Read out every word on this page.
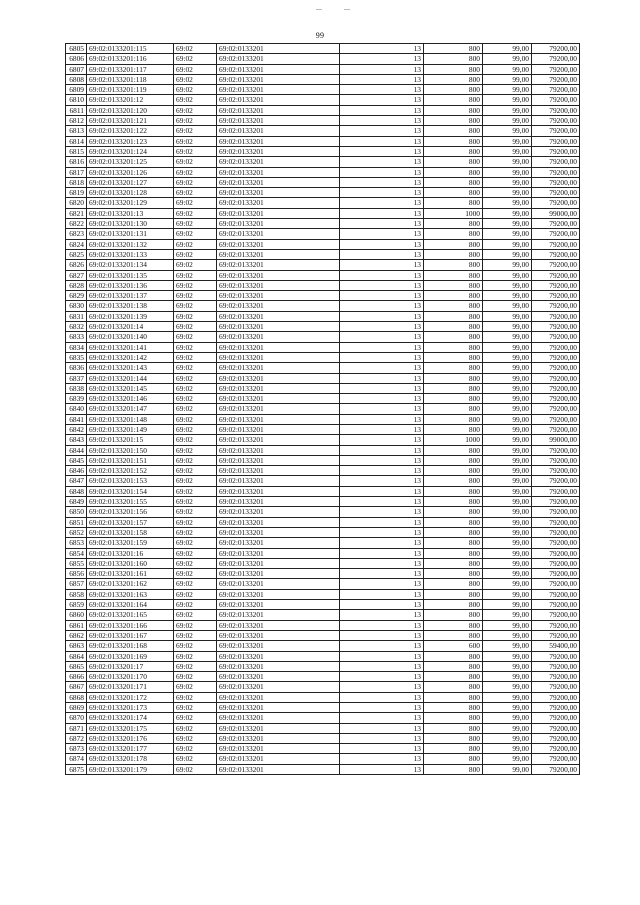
99
6805	69:02:0133201:115	69:02	69:02:0133201	13	800	99,00	79200,00
6806	69:02:0133201:116	69:02	69:02:0133201	13	800	99,00	79200,00
6807	69:02:0133201:117	69:02	69:02:0133201	13	800	99,00	79200,00
6808	69:02:0133201:118	69:02	69:02:0133201	13	800	99,00	79200,00
6809	69:02:0133201:119	69:02	69:02:0133201	13	800	99,00	79200,00
6810	69:02:0133201:12	69:02	69:02:0133201	13	800	99,00	79200,00
6811	69:02:0133201:120	69:02	69:02:0133201	13	800	99,00	79200,00
6812	69:02:0133201:121	69:02	69:02:0133201	13	800	99,00	79200,00
6813	69:02:0133201:122	69:02	69:02:0133201	13	800	99,00	79200,00
6814	69:02:0133201:123	69:02	69:02:0133201	13	800	99,00	79200,00
6815	69:02:0133201:124	69:02	69:02:0133201	13	800	99,00	79200,00
6816	69:02:0133201:125	69:02	69:02:0133201	13	800	99,00	79200,00
6817	69:02:0133201:126	69:02	69:02:0133201	13	800	99,00	79200,00
6818	69:02:0133201:127	69:02	69:02:0133201	13	800	99,00	79200,00
6819	69:02:0133201:128	69:02	69:02:0133201	13	800	99,00	79200,00
6820	69:02:0133201:129	69:02	69:02:0133201	13	800	99,00	79200,00
6821	69:02:0133201:13	69:02	69:02:0133201	13	1000	99,00	99000,00
6822	69:02:0133201:130	69:02	69:02:0133201	13	800	99,00	79200,00
6823	69:02:0133201:131	69:02	69:02:0133201	13	800	99,00	79200,00
6824	69:02:0133201:132	69:02	69:02:0133201	13	800	99,00	79200,00
6825	69:02:0133201:133	69:02	69:02:0133201	13	800	99,00	79200,00
6826	69:02:0133201:134	69:02	69:02:0133201	13	800	99,00	79200,00
6827	69:02:0133201:135	69:02	69:02:0133201	13	800	99,00	79200,00
6828	69:02:0133201:136	69:02	69:02:0133201	13	800	99,00	79200,00
6829	69:02:0133201:137	69:02	69:02:0133201	13	800	99,00	79200,00
6830	69:02:0133201:138	69:02	69:02:0133201	13	800	99,00	79200,00
6831	69:02:0133201:139	69:02	69:02:0133201	13	800	99,00	79200,00
6832	69:02:0133201:14	69:02	69:02:0133201	13	800	99,00	79200,00
6833	69:02:0133201:140	69:02	69:02:0133201	13	800	99,00	79200,00
6834	69:02:0133201:141	69:02	69:02:0133201	13	800	99,00	79200,00
6835	69:02:0133201:142	69:02	69:02:0133201	13	800	99,00	79200,00
6836	69:02:0133201:143	69:02	69:02:0133201	13	800	99,00	79200,00
6837	69:02:0133201:144	69:02	69:02:0133201	13	800	99,00	79200,00
6838	69:02:0133201:145	69:02	69:02:0133201	13	800	99,00	79200,00
6839	69:02:0133201:146	69:02	69:02:0133201	13	800	99,00	79200,00
6840	69:02:0133201:147	69:02	69:02:0133201	13	800	99,00	79200,00
6841	69:02:0133201:148	69:02	69:02:0133201	13	800	99,00	79200,00
6842	69:02:0133201:149	69:02	69:02:0133201	13	800	99,00	79200,00
6843	69:02:0133201:15	69:02	69:02:0133201	13	1000	99,00	99000,00
6844	69:02:0133201:150	69:02	69:02:0133201	13	800	99,00	79200,00
6845	69:02:0133201:151	69:02	69:02:0133201	13	800	99,00	79200,00
6846	69:02:0133201:152	69:02	69:02:0133201	13	800	99,00	79200,00
6847	69:02:0133201:153	69:02	69:02:0133201	13	800	99,00	79200,00
6848	69:02:0133201:154	69:02	69:02:0133201	13	800	99,00	79200,00
6849	69:02:0133201:155	69:02	69:02:0133201	13	800	99,00	79200,00
6850	69:02:0133201:156	69:02	69:02:0133201	13	800	99,00	79200,00
6851	69:02:0133201:157	69:02	69:02:0133201	13	800	99,00	79200,00
6852	69:02:0133201:158	69:02	69:02:0133201	13	800	99,00	79200,00
6853	69:02:0133201:159	69:02	69:02:0133201	13	800	99,00	79200,00
6854	69:02:0133201:16	69:02	69:02:0133201	13	800	99,00	79200,00
6855	69:02:0133201:160	69:02	69:02:0133201	13	800	99,00	79200,00
6856	69:02:0133201:161	69:02	69:02:0133201	13	800	99,00	79200,00
6857	69:02:0133201:162	69:02	69:02:0133201	13	800	99,00	79200,00
6858	69:02:0133201:163	69:02	69:02:0133201	13	800	99,00	79200,00
6859	69:02:0133201:164	69:02	69:02:0133201	13	800	99,00	79200,00
6860	69:02:0133201:165	69:02	69:02:0133201	13	800	99,00	79200,00
6861	69:02:0133201:166	69:02	69:02:0133201	13	800	99,00	79200,00
6862	69:02:0133201:167	69:02	69:02:0133201	13	800	99,00	79200,00
6863	69:02:0133201:168	69:02	69:02:0133201	13	600	99,00	59400,00
6864	69:02:0133201:169	69:02	69:02:0133201	13	800	99,00	79200,00
6865	69:02:0133201:17	69:02	69:02:0133201	13	800	99,00	79200,00
6866	69:02:0133201:170	69:02	69:02:0133201	13	800	99,00	79200,00
6867	69:02:0133201:171	69:02	69:02:0133201	13	800	99,00	79200,00
6868	69:02:0133201:172	69:02	69:02:0133201	13	800	99,00	79200,00
6869	69:02:0133201:173	69:02	69:02:0133201	13	800	99,00	79200,00
6870	69:02:0133201:174	69:02	69:02:0133201	13	800	99,00	79200,00
6871	69:02:0133201:175	69:02	69:02:0133201	13	800	99,00	79200,00
6872	69:02:0133201:176	69:02	69:02:0133201	13	800	99,00	79200,00
6873	69:02:0133201:177	69:02	69:02:0133201	13	800	99,00	79200,00
6874	69:02:0133201:178	69:02	69:02:0133201	13	800	99,00	79200,00
6875	69:02:0133201:179	69:02	69:02:0133201	13	800	99,00	79200,00
